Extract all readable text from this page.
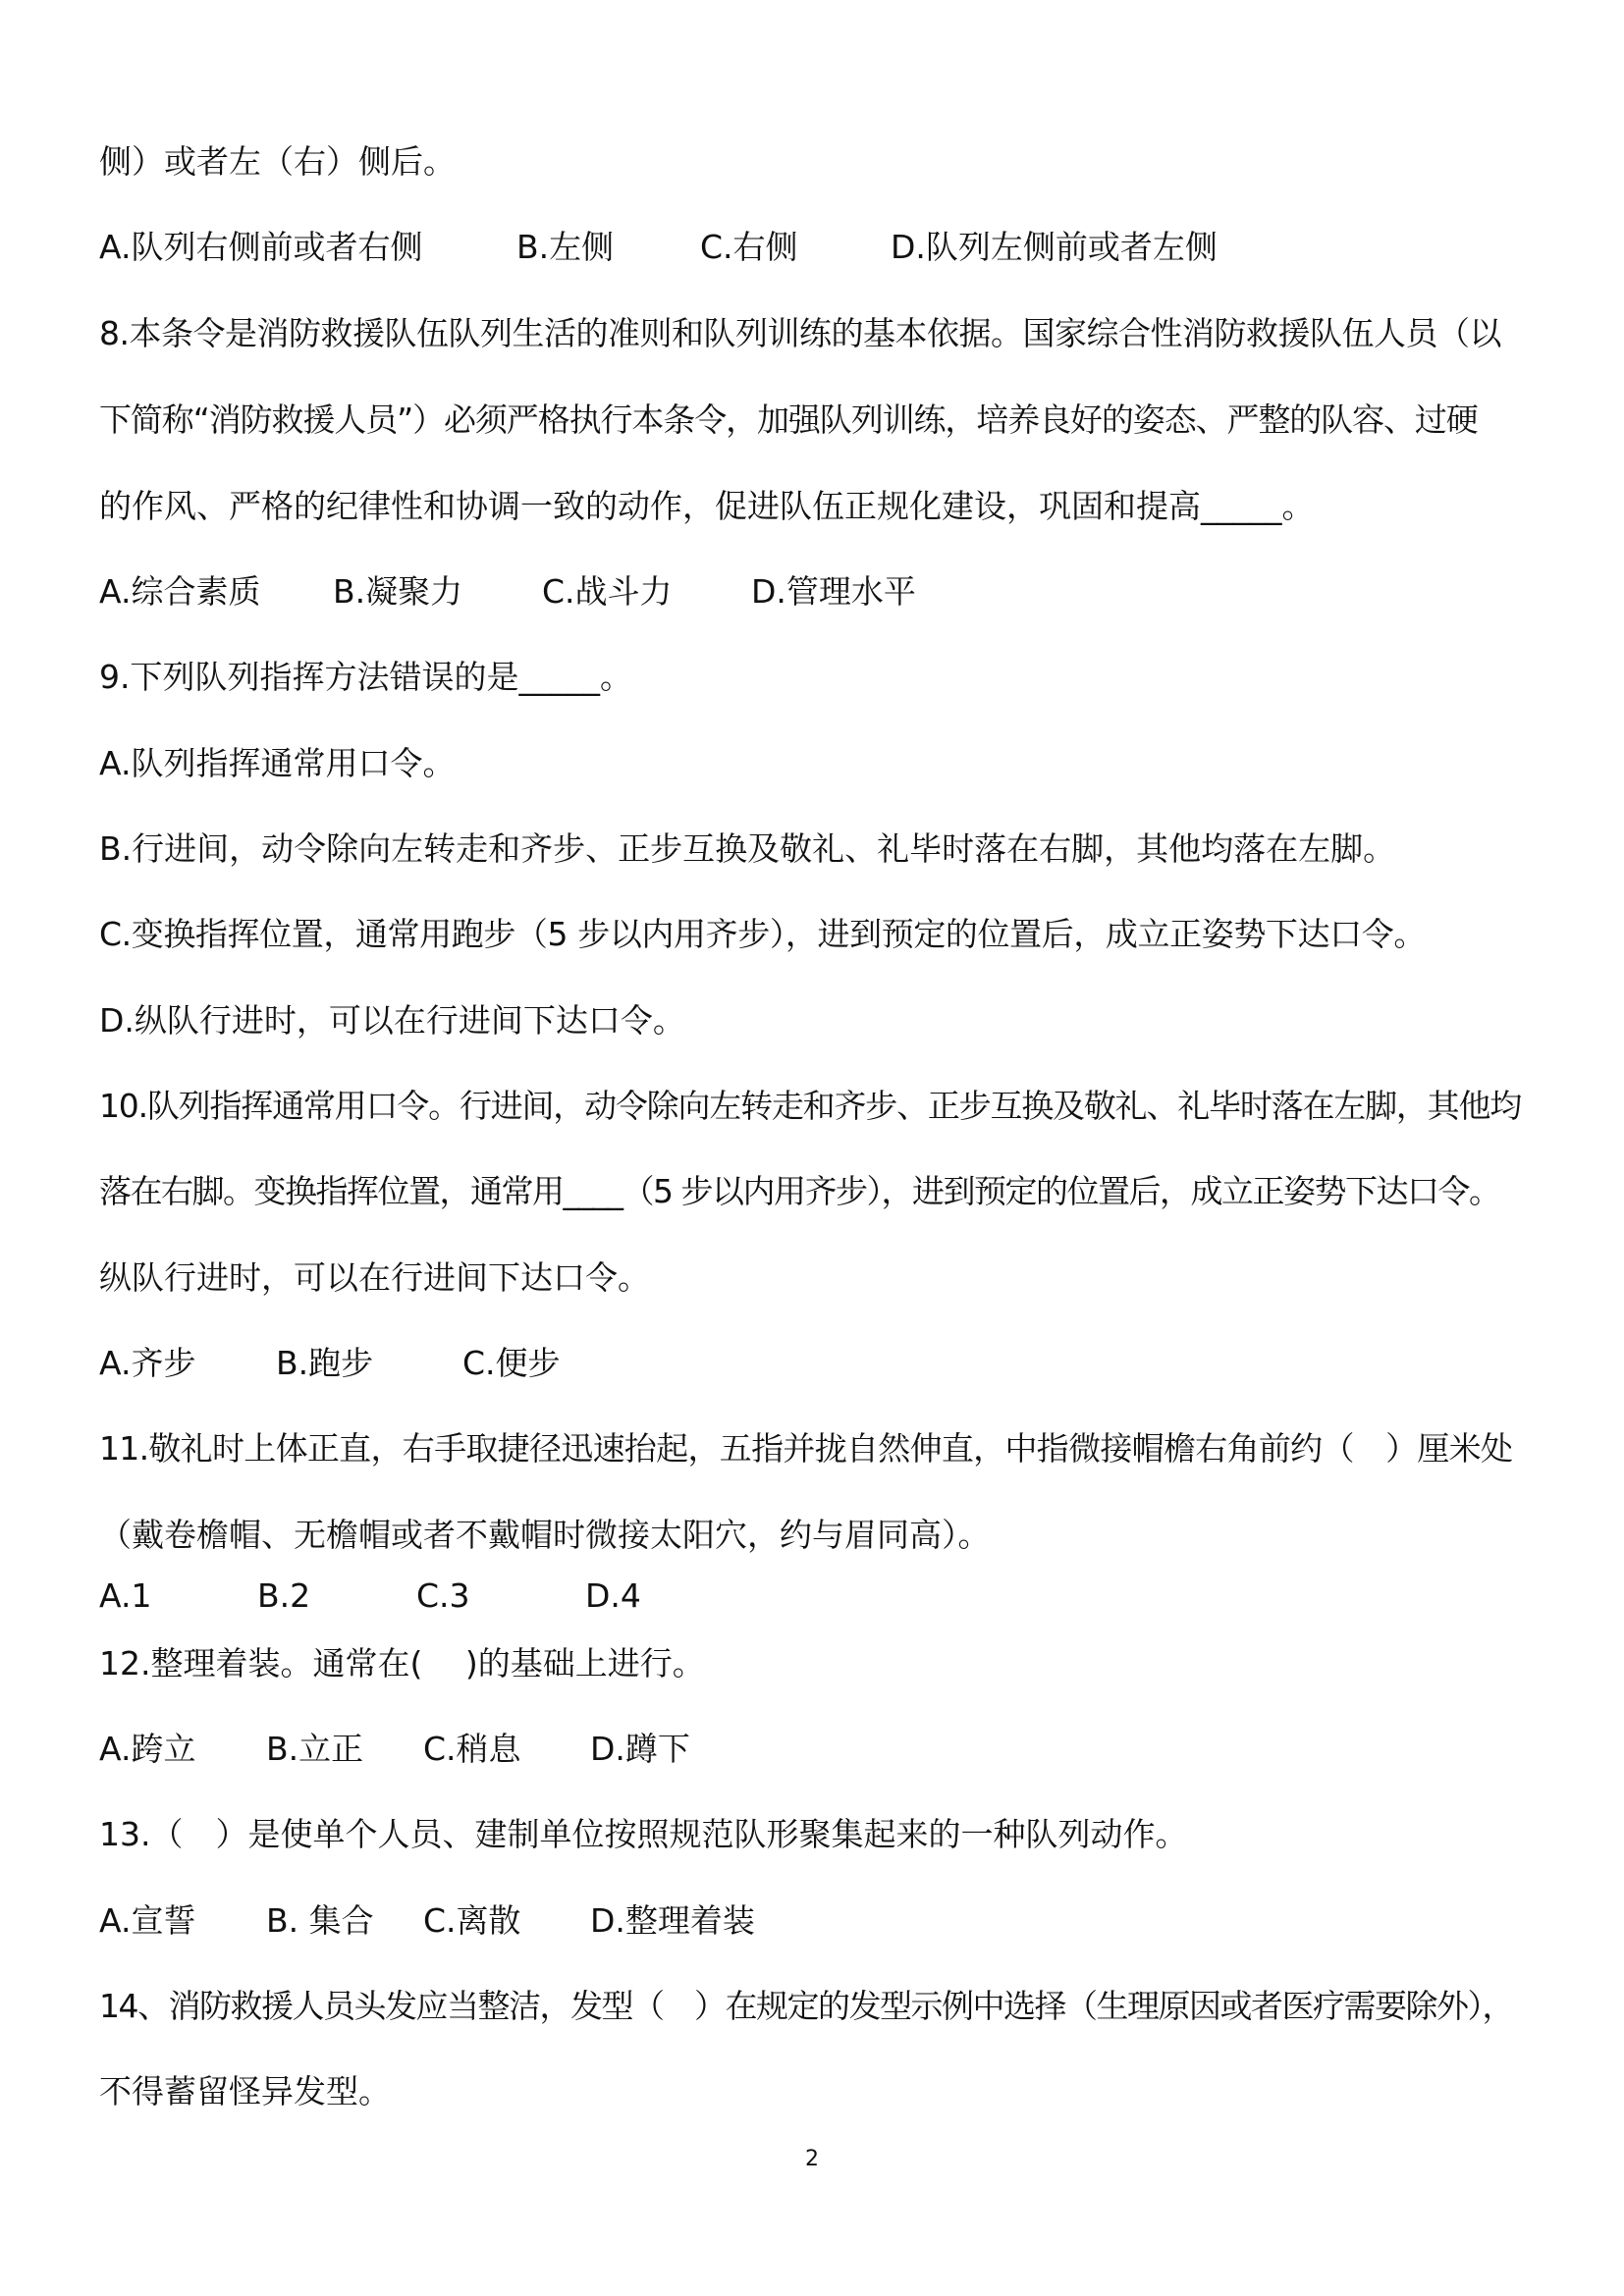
侧）或者左（右）侧后。
A.队列右侧前或者右侧	B.左侧	C.右侧	D.队列左侧前或者左侧
8.本条令是消防救援队伍队列生活的准则和队列训练的基本依据。国家综合性消防救援队伍人员（以
下简称“消防救援人员”）必须严格执行本条令，加强队列训练，培养良好的姿态、严整的队容、过硬
的作风、严格的纪律性和协调一致的动作，促进队伍正规化建设，巩固和提高_____。
A.综合素质 B.凝聚力 C.战斗力 D.管理水平
9.下列队列指挥方法错误的是_____。
A.队列指挥通常用口令。
B.行进间，动令除向左转走和齐步、正步互换及敬礼、礼毕时落在右脚，其他均落在左脚。
C.变换指挥位置，通常用跑步（5 步以内用齐步），进到预定的位置后，成立正姿势下达口令。
D.纵队行进时，可以在行进间下达口令。
10.队列指挥通常用口令。行进间，动令除向左转走和齐步、正步互换及敬礼、礼毕时落在左脚，其他均
落在右脚。变换指挥位置，通常用____（5 步以内用齐步），进到预定的位置后，成立正姿势下达口令。
纵队行进时，可以在行进间下达口令。
A.齐步 B.跑步	C.便步
11.敬礼时上体正直，右手取捷径迅速抬起，五指并拢自然伸直，中指微接帽檐右角前约（　）厘米处
（戴卷檐帽、无檐帽或者不戴帽时微接太阳穴，约与眉同高）。
A.1	B.2	C.3	D.4
12.整理着装。通常在(　 )的基础上进行。
A.跨立 B.立正 C.稍息 D.蹲下
13.（　）是使单个人员、建制单位按照规范队形聚集起来的一种队列动作。
A.宣誓 B. 集合 C.离散 D.整理着装
14、消防救援人员头发应当整洁，发型（　）在规定的发型示例中选择（生理原因或者医疗需要除外），
不得蓄留怪异发型。
2
